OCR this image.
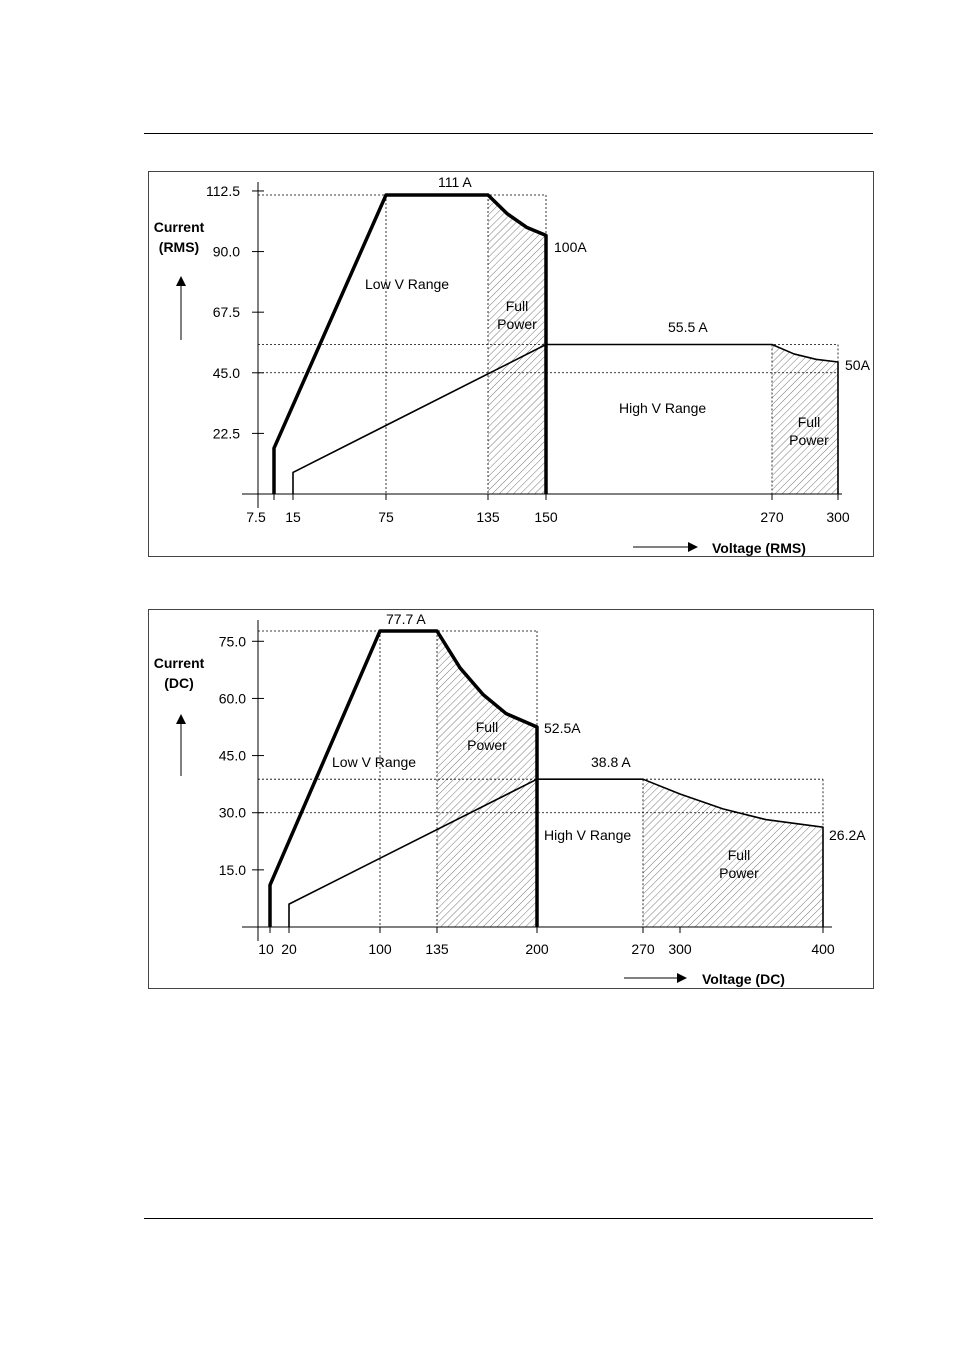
22.5
45.0
67.5
90.0
112.5
7.5 15	75	135 150	270	300
Current
(RMS)
Voltage (RMS)
111 A
100A
55.5 A
50A
Low V Range
High V Range
Full
Power
Full
Power
15.0
30.0
45.0
60.0
75.0
10 20	100 135	200	270 300	400
Current
(DC)
Voltage (DC)
77.7 A
52.5A
38.8 A
26.2A
Low V Range
High V Range
Full
Power
Full
Power
